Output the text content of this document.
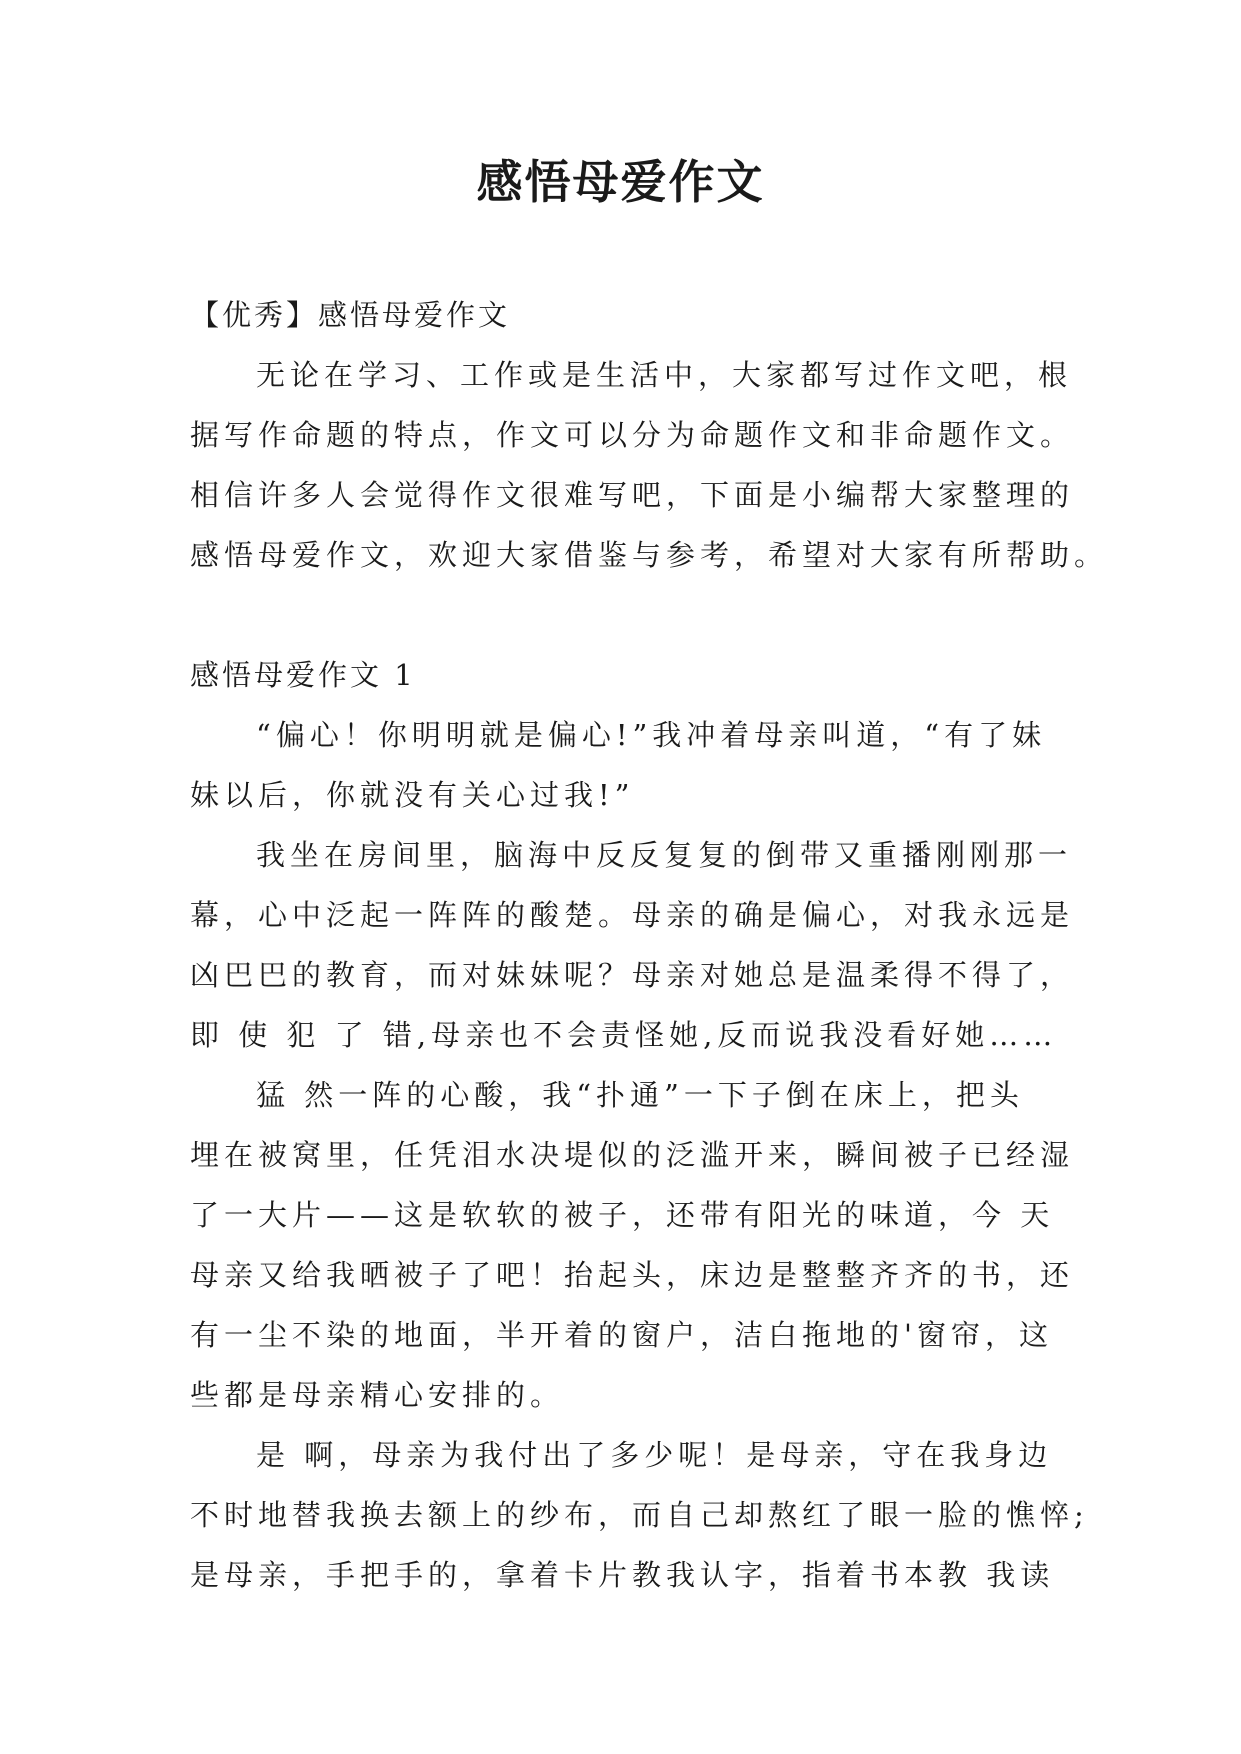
感悟母爱作文
【优秀】感悟母爱作文
无论在学习、工作或是生活中，大家都写过作文吧，根
据写作命题的特点，作文可以分为命题作文和非命题作文。
相信许多人会觉得作文很难写吧，下面是小编帮大家整理的
感悟母爱作文，欢迎大家借鉴与参考，希望对大家有所帮助。
感悟母爱作文 1
“偏心！你明明就是偏心!”我冲着母亲叫道，“有了妹
妹以后，你就没有关心过我!”
我坐在房间里，脑海中反反复复的倒带又重播刚刚那一
幕，心中泛起一阵阵的酸楚。母亲的确是偏心，对我永远是
凶巴巴的教育，而对妹妹呢？母亲对她总是温柔得不得了，
即 使 犯 了 错,母亲也不会责怪她,反而说我没看好她……
猛 然一阵的心酸，我“扑通”一下子倒在床上，把头
埋在被窝里，任凭泪水决堤似的泛滥开来，瞬间被子已经湿
了一大片——这是软软的被子，还带有阳光的味道，今 天
母亲又给我晒被子了吧！抬起头，床边是整整齐齐的书，还
有一尘不染的地面，半开着的窗户，洁白拖地的'窗帘，这
些都是母亲精心安排的。
是 啊，母亲为我付出了多少呢！是母亲，守在我身边
不时地替我换去额上的纱布，而自己却熬红了眼一脸的憔悴;
是母亲，手把手的，拿着卡片教我认字，指着书本教 我读
